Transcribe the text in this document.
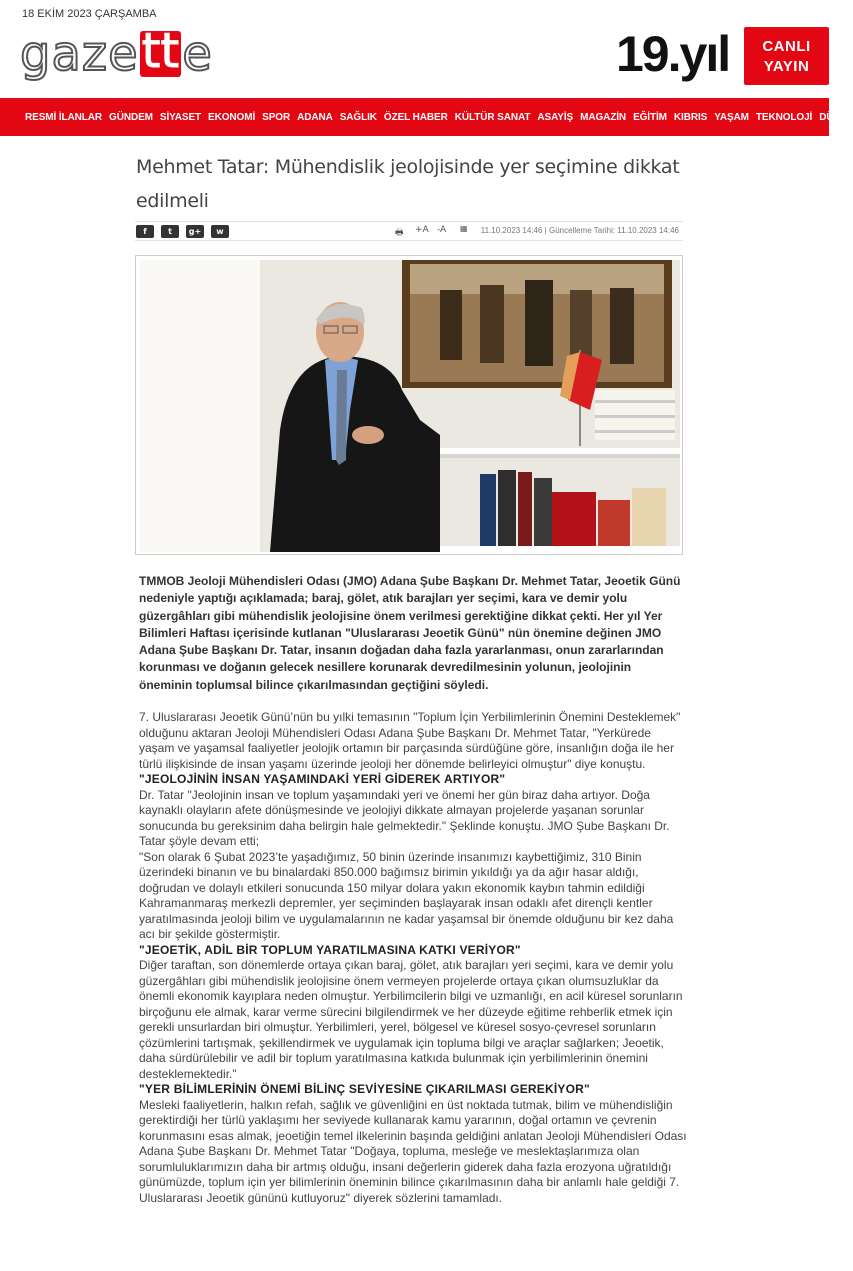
18 EKİM 2023 ÇARŞAMBA
gaze tt e	19.yıl	CANLI
YAYIN
RESMİ İLANLAR GÜNDEM SİYASET EKONOMİ SPOR ADANA SAĞLIK ÖZEL HABER KÜLTÜR SANAT ASAYİŞ MAGAZİN EĞİTİM KIBRIS YAŞAM TEKNOLOJİ DÜNYA
Mehmet Tatar: Mühendislik jeolojisinde yer seçimine dikkat edilmeli
f	t	g+	w	🖶 +A -A ▦ 11.10.2023 14:46 | Güncelleme Tarihi: 11.10.2023 14:46
TMMOB Jeoloji Mühendisleri Odası (JMO) Adana Şube Başkanı Dr. Mehmet Tatar, Jeoetik Günü nedeniyle yaptığı açıklamada; baraj, gölet, atık barajları yer seçimi, kara ve demir yolu güzergâhları gibi mühendislik jeolojisine önem verilmesi gerektiğine dikkat çekti. Her yıl Yer Bilimleri Haftası içerisinde kutlanan "Uluslararası Jeoetik Günü" nün önemine değinen JMO Adana Şube Başkanı Dr. Tatar, insanın doğadan daha fazla yararlanması, onun zararlarından korunması ve doğanın gelecek nesillere korunarak devredilmesinin yolunun, jeolojinin öneminin toplumsal bilince çıkarılmasından geçtiğini söyledi.

7. Uluslararası Jeoetik Günü’nün bu yılki temasının "Toplum İçin Yerbilimlerinin Önemini Desteklemek" olduğunu aktaran Jeoloji Mühendisleri Odası Adana Şube Başkanı Dr. Mehmet Tatar, "Yerkürede yaşam ve yaşamsal faaliyetler jeolojik ortamın bir parçasında sürdüğüne göre, insanlığın doğa ile her türlü ilişkisinde de insan yaşamı üzerinde jeoloji her dönemde belirleyici olmuştur" diye konuştu.

"JEOLOJİNİN İNSAN YAŞAMINDAKİ YERİ GİDEREK ARTIYOR"

Dr. Tatar "Jeolojinin insan ve toplum yaşamındaki yeri ve önemi her gün biraz daha artıyor. Doğa kaynaklı olayların afete dönüşmesinde ve jeolojiyi dikkate almayan projelerde yaşanan sorunlar sonucunda bu gereksinim daha belirgin hale gelmektedir." Şeklinde konuştu. JMO Şube Başkanı Dr. Tatar şöyle devam etti;

"Son olarak 6 Şubat 2023’te yaşadığımız, 50 binin üzerinde insanımızı kaybettiğimiz, 310 Binin üzerindeki binanın ve bu binalardaki 850.000 bağımsız birimin yıkıldığı ya da ağır hasar aldığı, doğrudan ve dolaylı etkileri sonucunda 150 milyar dolara yakın ekonomik kaybın tahmin edildiği Kahramanmaraş merkezli depremler, yer seçiminden başlayarak insan odaklı afet dirençli kentler yaratılmasında jeoloji bilim ve uygulamalarının ne kadar yaşamsal bir önemde olduğunu bir kez daha acı bir şekilde göstermiştir.

"JEOETİK, ADİL BİR TOPLUM YARATILMASINA KATKI VERİYOR"

Diğer taraftan, son dönemlerde ortaya çıkan baraj, gölet, atık barajları yeri seçimi, kara ve demir yolu güzergâhları gibi mühendislik jeolojisine önem vermeyen projelerde ortaya çıkan olumsuzluklar da önemli ekonomik kayıplara neden olmuştur. Yerbilimcilerin bilgi ve uzmanlığı, en acil küresel sorunların birçoğunu ele almak, karar verme sürecini bilgilendirmek ve her düzeyde eğitime rehberlik etmek için gerekli unsurlardan biri olmuştur. Yerbilimleri, yerel, bölgesel ve küresel sosyo-çevresel sorunların çözümlerini tartışmak, şekillendirmek ve uygulamak için topluma bilgi ve araçlar sağlarken; Jeoetik, daha sürdürülebilir ve adil bir toplum yaratılmasına katkıda bulunmak için yerbilimlerinin önemini desteklemektedir."

"YER BİLİMLERİNİN ÖNEMİ BİLİNÇ SEVİYESİNE ÇIKARILMASI GEREKİYOR"

Mesleki faaliyetlerin, halkın refah, sağlık ve güvenliğini en üst noktada tutmak, bilim ve mühendisliğin gerektirdiği her türlü yaklaşımı her seviyede kullanarak kamu yararının, doğal ortamın ve çevrenin korunmasını esas almak, jeoetiğin temel ilkelerinin başında geldiğini anlatan Jeoloji Mühendisleri Odası Adana Şube Başkanı Dr. Mehmet Tatar "Doğaya, topluma, mesleğe ve meslektaşlarımıza olan sorumluluklarımızın daha bir artmış olduğu, insani değerlerin giderek daha fazla erozyona uğratıldığı günümüzde, toplum için yer bilimlerinin öneminin bilince çıkarılmasının daha bir anlamlı hale geldiği 7. Uluslararası Jeoetik gününü kutluyoruz" diyerek sözlerini tamamladı.
